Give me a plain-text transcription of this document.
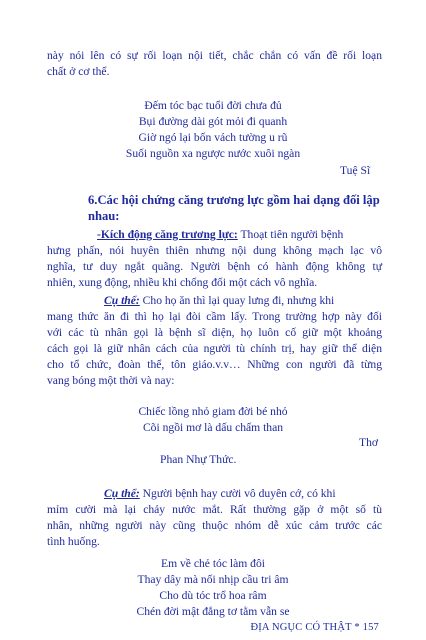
này nói lên có sự rối loạn nội tiết, chắc chắn có vấn đề rối loạn
chất ở cơ thể.
Đếm tóc bạc tuổi đời chưa đủ
Bụi đường dài gót mỏi đi quanh
Giờ ngó lại bốn vách tường u rũ
Suối nguồn xa ngược nước xuôi ngàn
Tuệ Sĩ
6.Các hội chứng căng trương lực gồm hai dạng đối lập
nhau:
-Kích động căng trương lực: Thoạt tiên người bệnh
hưng phấn, nói huyên thiên nhưng nội dung không mạch lạc vô
nghĩa, tư duy ngắt quãng. Người bệnh có hành động không tự
nhiên, xung động, nhiều khi chống đối một cách vô nghĩa.
Cụ thể: Cho họ ăn thì lại quay lưng đi, nhưng khi
mang thức ăn đi thì họ lại đòi cầm lấy. Trong trường hợp này đối
với các tù nhân gọi là bệnh sĩ diện, họ luôn cố giữ một khoảng
cách gọi là giữ nhân cách của người tù chính trị, hay giữ thể diện
cho tổ chức, đoàn thể, tôn giáo.v.v… Những con người đã từng
vang bóng một thời và nay:
Chiếc lồng nhỏ giam đời bé nhỏ
Cõi ngồi mơ là dấu chấm than
Thơ
Phan Nhự Thức.
Cụ thể: Người bệnh hay cười vô duyên cớ, có khi
mỉm cười mà lại chảy nước mắt. Rất thường gặp ở một số tù
nhân, những người này cũng thuộc nhóm dễ xúc cảm trước các
tình huống.
Em về chẻ tóc làm đôi
Thay dây mà nối nhịp cầu tri âm
ĐỊA NGỤC CÓ THẬT * 157
Cho dù tóc trổ hoa râm
Chén đời mật đắng tơ tằm vẫn se
